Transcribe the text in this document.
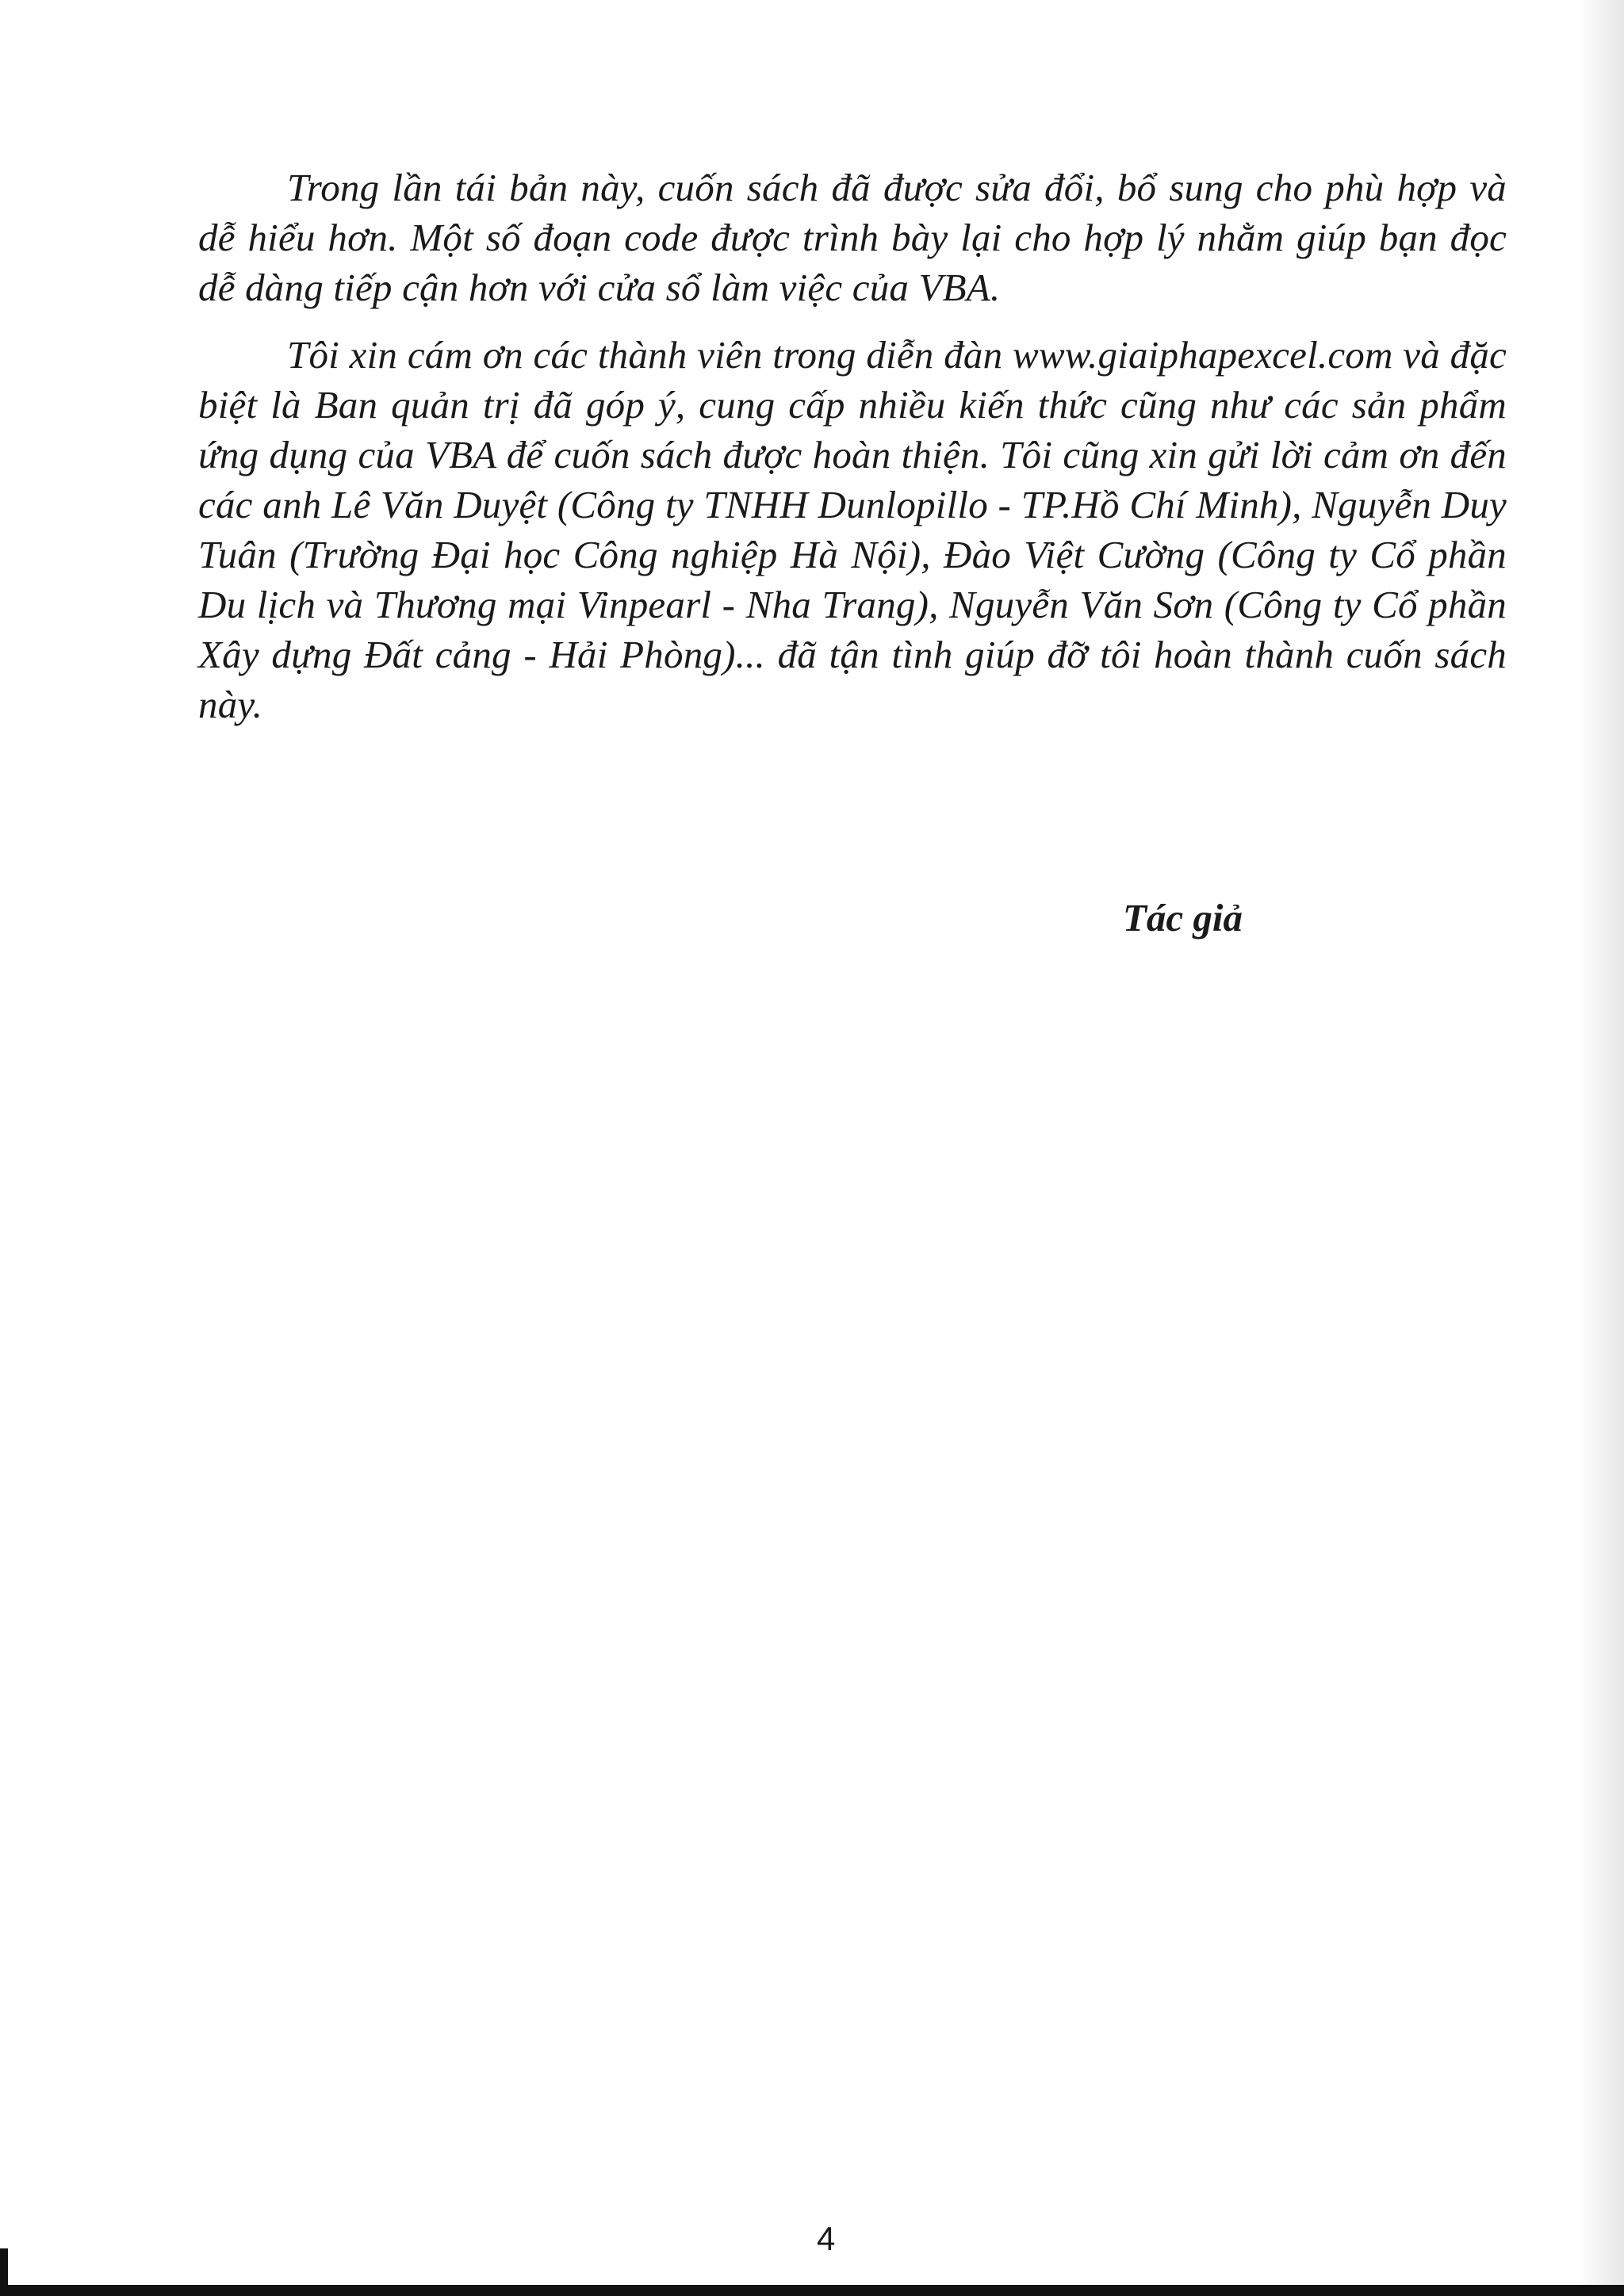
Trong lần tái bản này, cuốn sách đã được sửa đổi, bổ sung cho phù hợp và dễ hiểu hơn. Một số đoạn code được trình bày lại cho hợp lý nhằm giúp bạn đọc dễ dàng tiếp cận hơn với cửa sổ làm việc của VBA.

Tôi xin cám ơn các thành viên trong diễn đàn www.giaiphapexcel.com và đặc biệt là Ban quản trị đã góp ý, cung cấp nhiều kiến thức cũng như các sản phẩm ứng dụng của VBA để cuốn sách được hoàn thiện. Tôi cũng xin gửi lời cảm ơn đến các anh Lê Văn Duyệt (Công ty TNHH Dunlopillo - TP.Hồ Chí Minh), Nguyễn Duy Tuân (Trường Đại học Công nghiệp Hà Nội), Đào Việt Cường (Công ty Cổ phần Du lịch và Thương mại Vinpearl - Nha Trang), Nguyễn Văn Sơn (Công ty Cổ phần Xây dựng Đất cảng - Hải Phòng)... đã tận tình giúp đỡ tôi hoàn thành cuốn sách này.

Tác giả
4
